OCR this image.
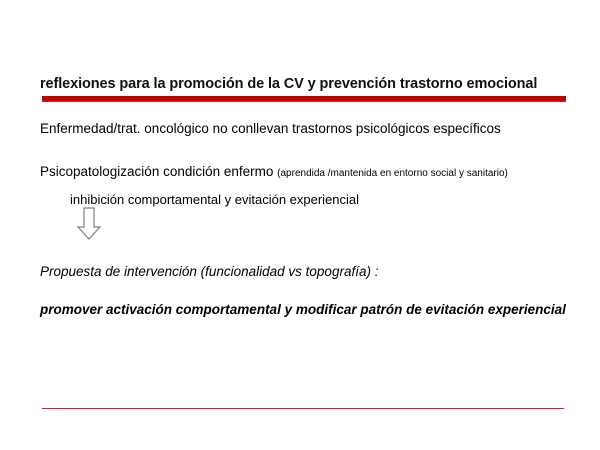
reflexiones para la promoción de la CV y prevención trastorno emocional
Enfermedad/trat. oncológico no conllevan trastornos psicológicos específicos
Psicopatologización condición enfermo (aprendida /mantenida en entorno social y sanitario)
inhibición comportamental y evitación experiencial
Propuesta de intervención (funcionalidad vs topografía) :
promover activación comportamental y modificar patrón de evitación experiencial
